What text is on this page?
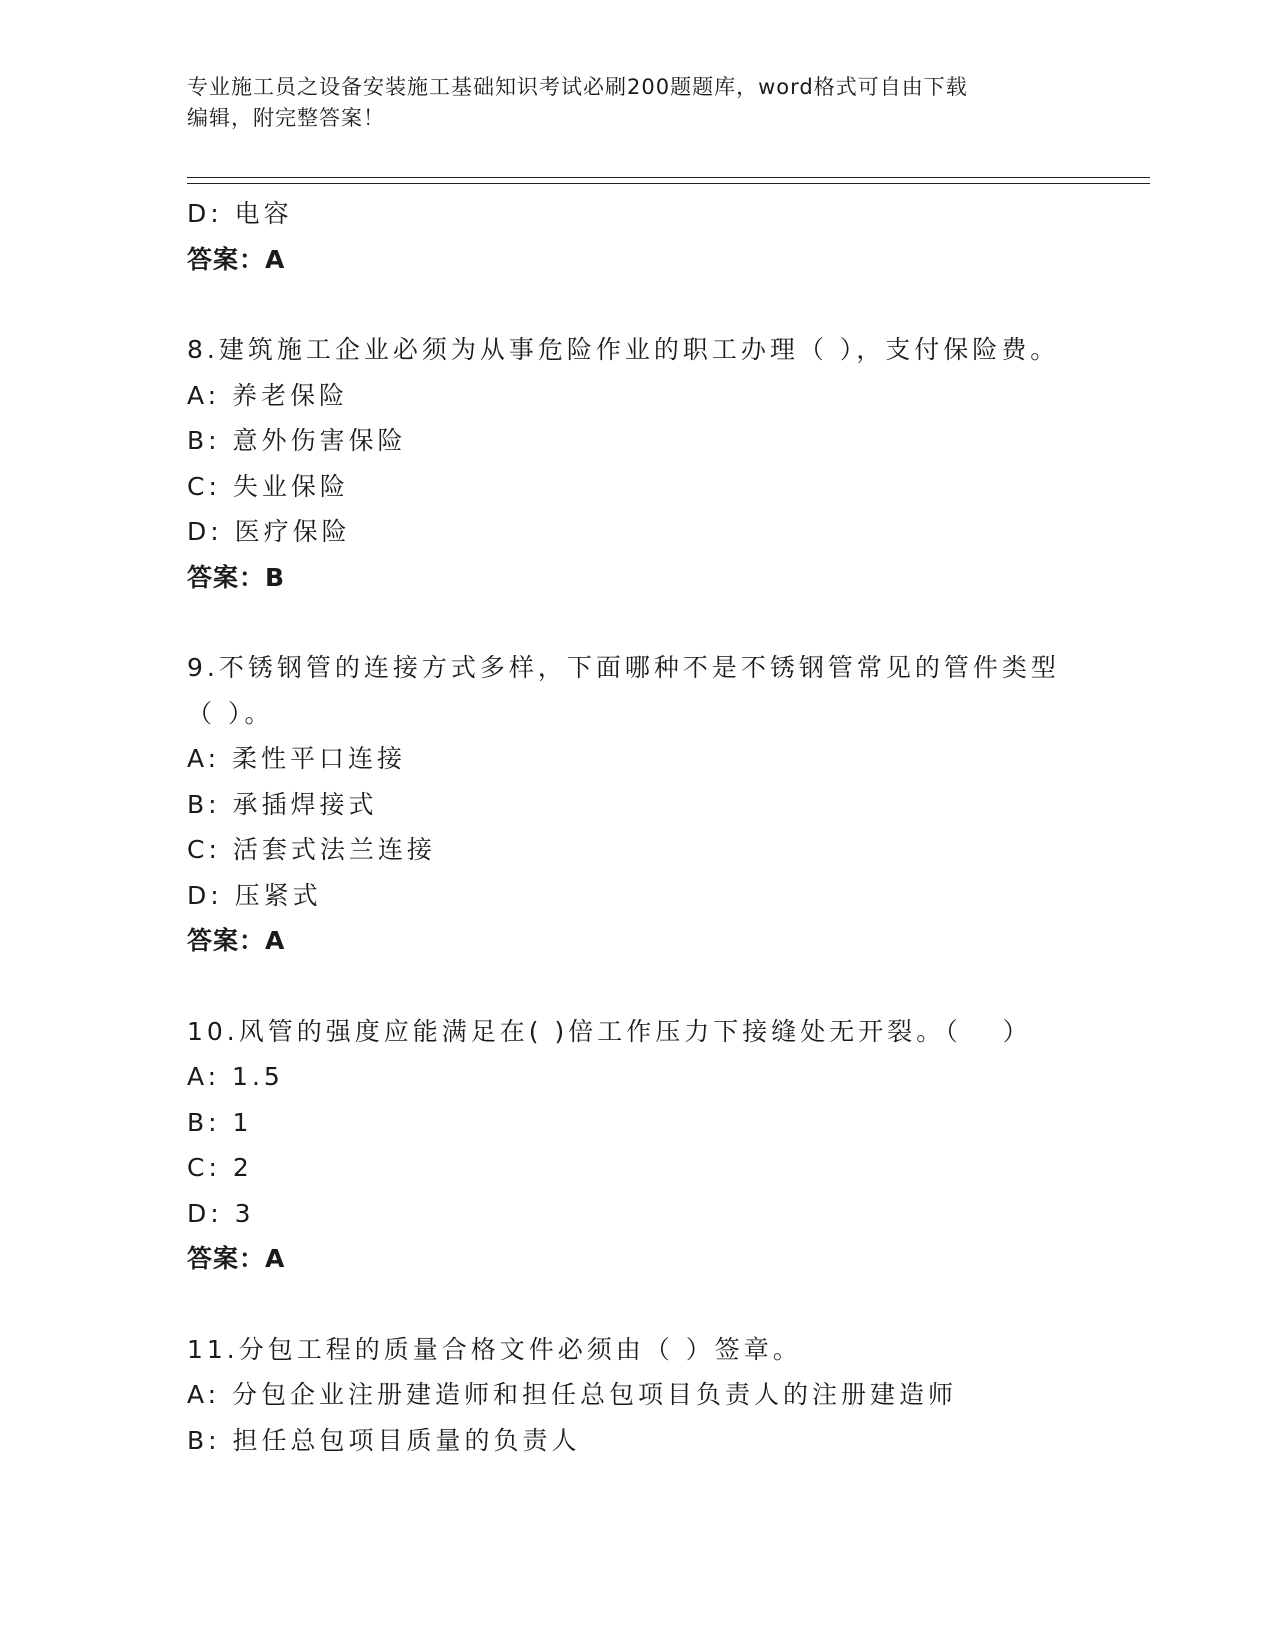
专业施工员之设备安装施工基础知识考试必刷200题题库，word格式可自由下载
编辑，附完整答案！
D: 电容
答案：A
8.建筑施工企业必须为从事危险作业的职工办理（ ），支付保险费。
A: 养老保险
B: 意外伤害保险
C: 失业保险
D: 医疗保险
答案：B
9.不锈钢管的连接方式多样，下面哪种不是不锈钢管常见的管件类型
（ ）。
A: 柔性平口连接
B: 承插焊接式
C: 活套式法兰连接
D: 压紧式
答案：A
10.风管的强度应能满足在( )倍工作压力下接缝处无开裂。（　 ）
A: 1.5
B: 1
C: 2
D: 3
答案：A
11.分包工程的质量合格文件必须由（ ）签章。
A: 分包企业注册建造师和担任总包项目负责人的注册建造师
B: 担任总包项目质量的负责人
